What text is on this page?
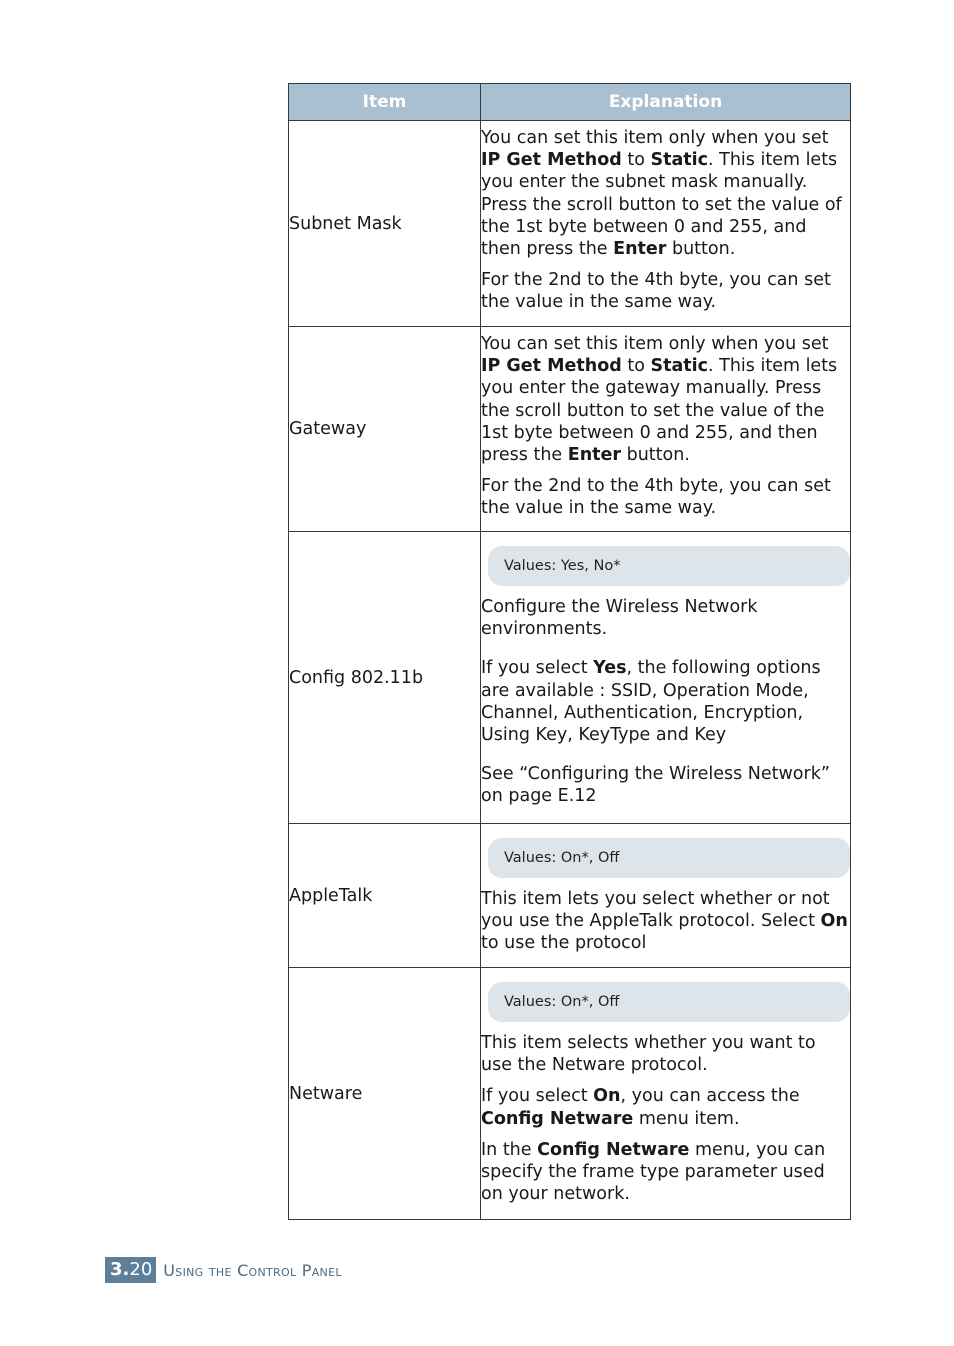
Item	Explanation
Subnet Mask	You can set this item only when you set IP Get Method to Static. This item lets you enter the subnet mask manually. Press the scroll button to set the value of the 1st byte between 0 and 255, and then press the Enter button.

For the 2nd to the 4th byte, you can set the value in the same way.

Gateway	You can set this item only when you set IP Get Method to Static. This item lets you enter the gateway manually. Press the scroll button to set the value of the 1st byte between 0 and 255, and then press the Enter button.

For the 2nd to the 4th byte, you can set the value in the same way.

Config 802.11b	Values: Yes, No*

Configure the Wireless Network environments.

If you select Yes, the following options are available : SSID, Operation Mode, Channel, Authentication, Encryption, Using Key, KeyType and Key

See “Configuring the Wireless Network” on page E.12

AppleTalk	Values: On*, Off

This item lets you select whether or not you use the AppleTalk protocol. Select On to use the protocol

Netware	Values: On*, Off

This item selects whether you want to use the Netware protocol.

If you select On, you can access the Config Netware menu item.

In the Config Netware menu, you can specify the frame type parameter used on your network.

3.20 Using the Control Panel
